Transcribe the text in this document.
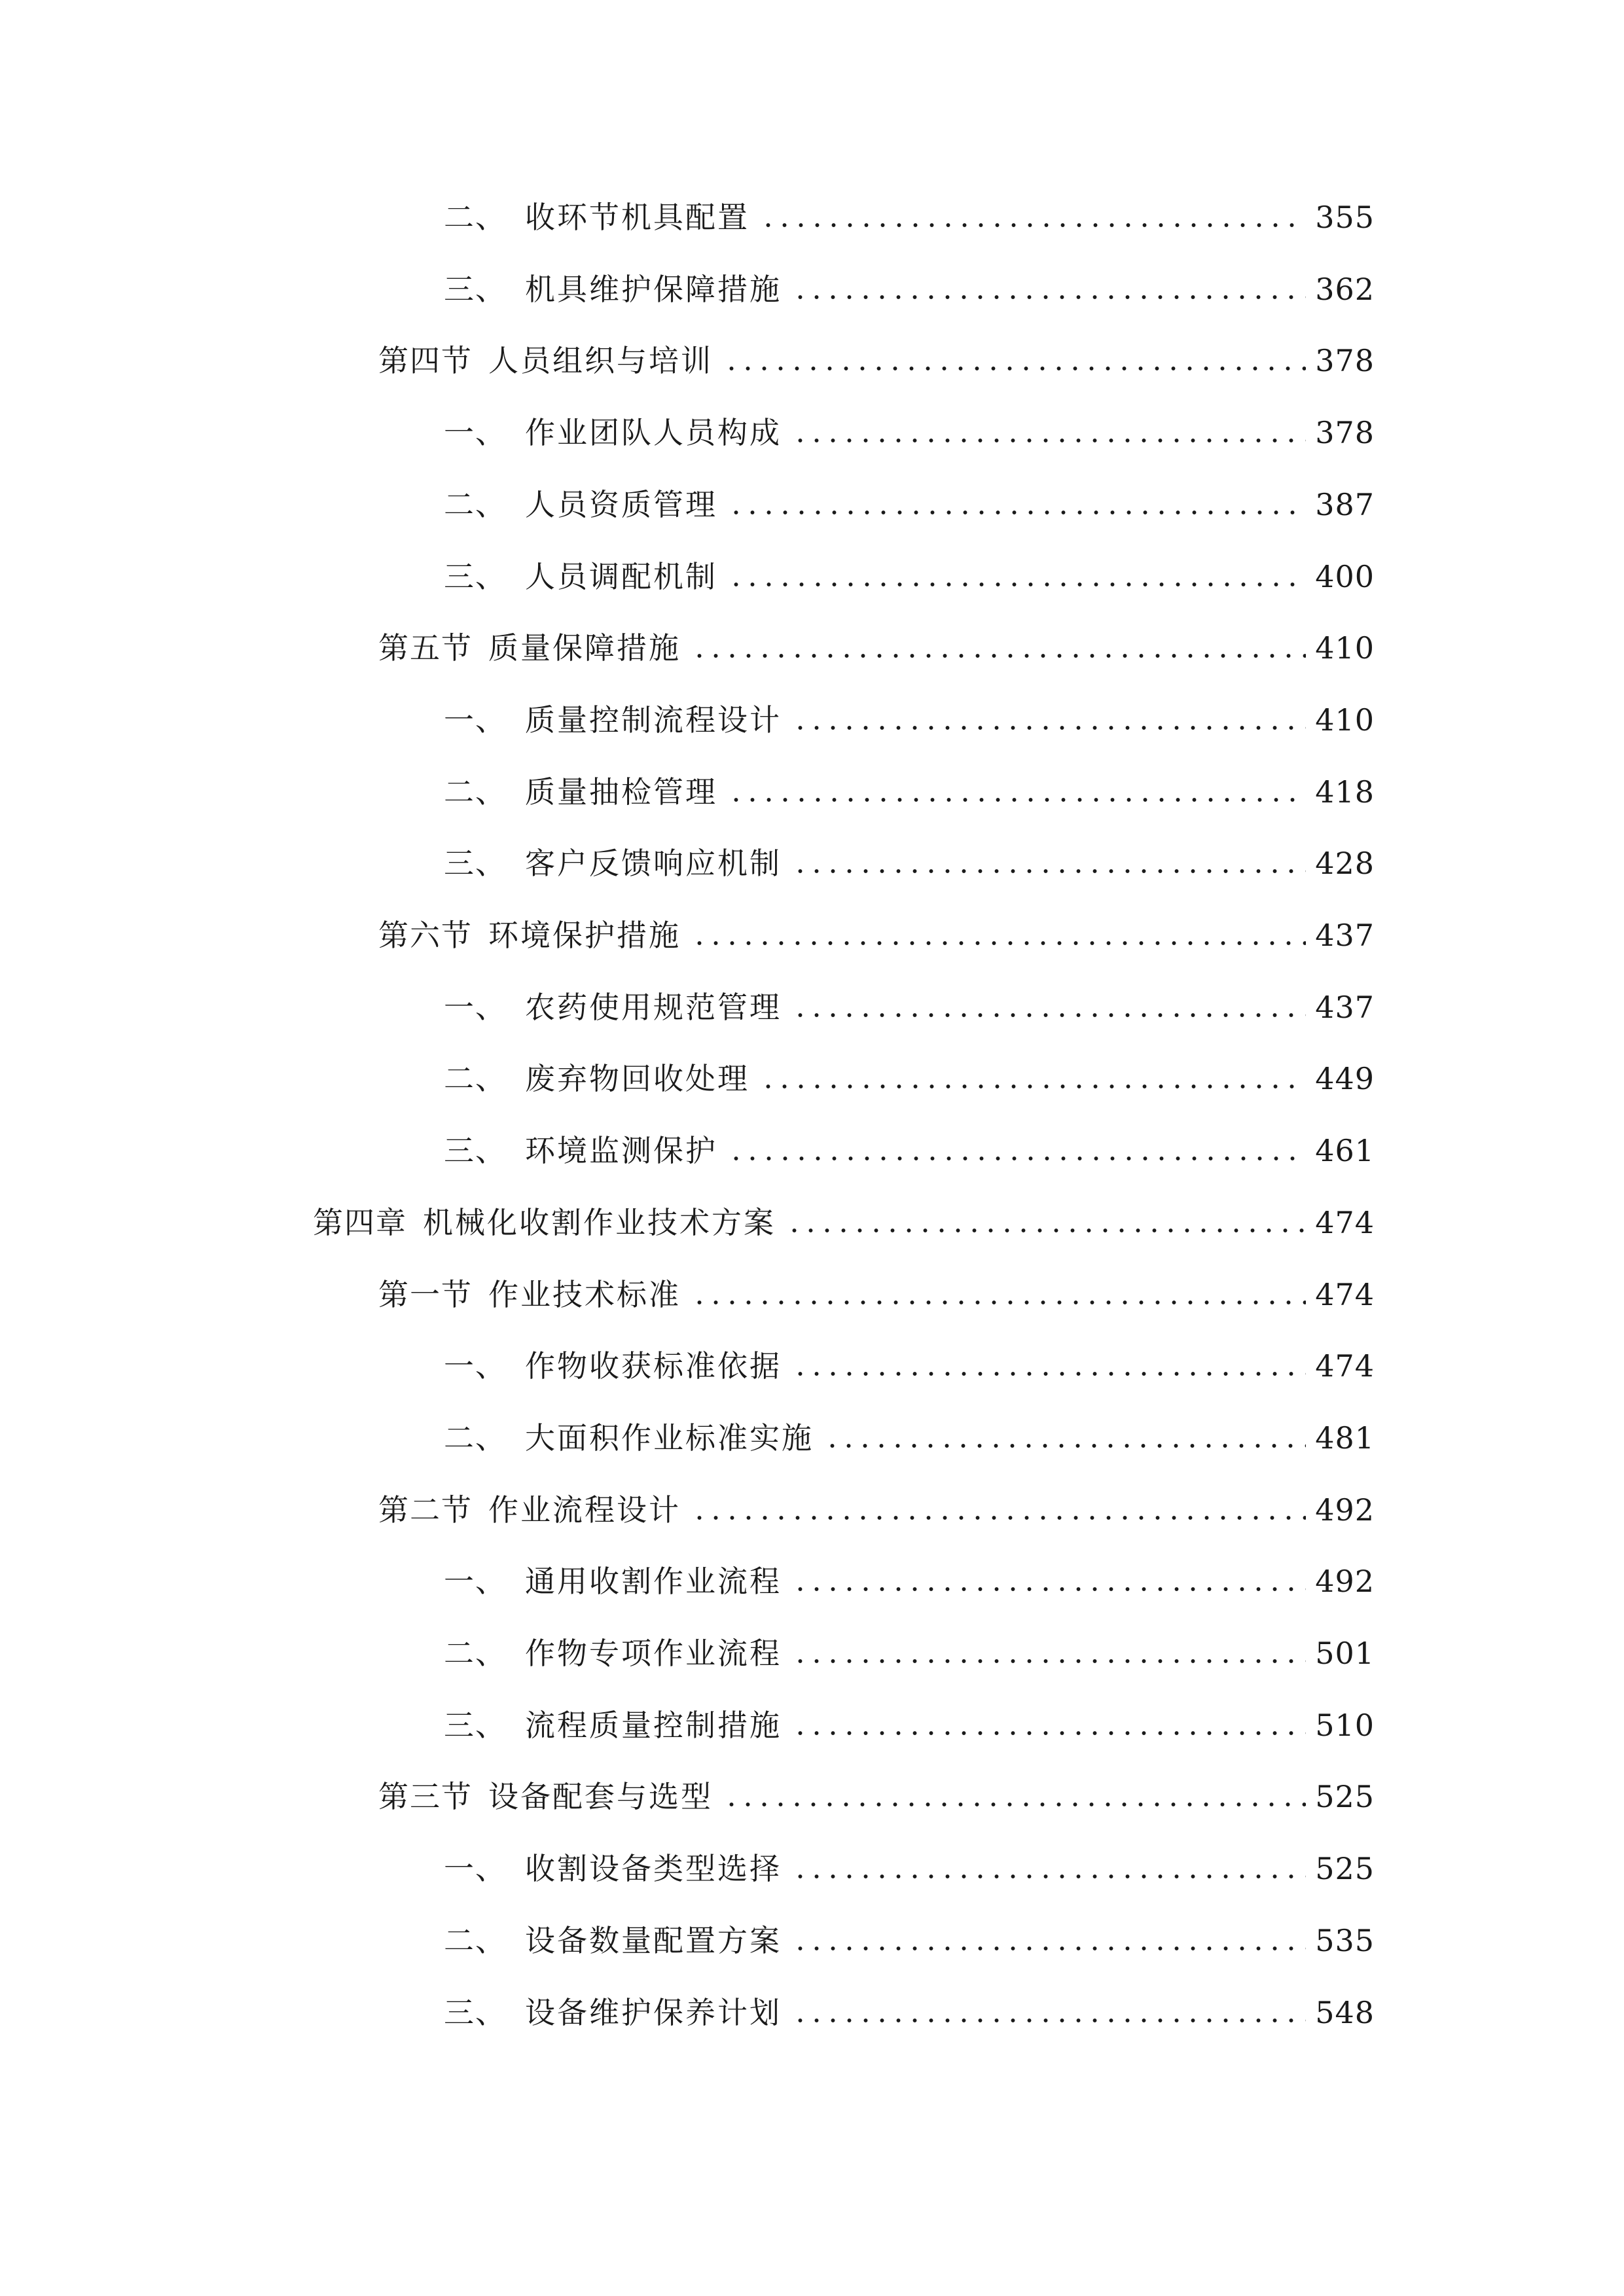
二、 收环节机具配置	355
三、 机具维护保障措施	362
第四节 人员组织与培训	378
一、 作业团队人员构成	378
二、 人员资质管理	387
三、 人员调配机制	400
第五节 质量保障措施	410
一、 质量控制流程设计	410
二、 质量抽检管理	418
三、 客户反馈响应机制	428
第六节 环境保护措施	437
一、 农药使用规范管理	437
二、 废弃物回收处理	449
三、 环境监测保护	461
第四章 机械化收割作业技术方案	474
第一节 作业技术标准	474
一、 作物收获标准依据	474
二、 大面积作业标准实施	481
第二节 作业流程设计	492
一、 通用收割作业流程	492
二、 作物专项作业流程	501
三、 流程质量控制措施	510
第三节 设备配套与选型	525
一、 收割设备类型选择	525
二、 设备数量配置方案	535
三、 设备维护保养计划	548
